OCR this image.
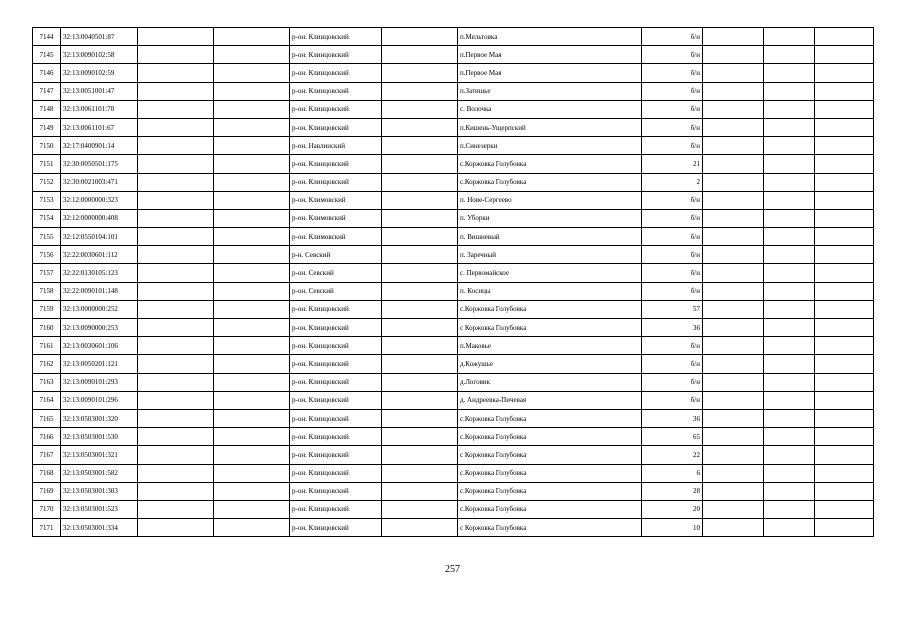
7144	32:13:0040501:87			р-он. Клинцовский		п.Мельтовка	б/н			
7145	32:13:0090102:58			р-он. Клинцовский		п.Первое Мая	б/н			
7146	32:13:0090102:59			р-он. Клинцовский		п.Первое Мая	б/н			
7147	32:13:0051001:47			р-он. Клинцовский		п.Затишье	б/н			
7148	32:13:0061101:70			р-он. Клинцовский		с. Волочка	б/н			
7149	32:13:0061101:67			р-он. Клинцовский		п.Кишень-Ущерпский	б/н			
7150	32:17:0400901:14			р-он. Навлинский		п.Синезерки	б/н			
7151	32:30:0050501:175			р-он. Клинцовский		с.Коржовка Голубовка	21			
7152	32:30:0021003:471			р-он. Клинцовский		с.Коржовка Голубовка	2			
7153	32:12:0000000:323			р-он. Климовский		п. Нове-Сергеево	б/н			
7154	32:12:0000000:408			р-он. Климовский		п. Уборки	б/н			
7155	32:12:0550104:101			р-он. Климовский		п. Вишневый	б/н			
7156	32:22:0030601:112			р-н. Севский		п. Заречный	б/н			
7157	32:22:0130105:123			р-он. Севский		с. Первомайское	б/н			
7158	32:22:0090101:148			р-он. Севский		п. Косицы	б/н			
7159	32:13:0000000:252			р-он. Клинцовский		с.Коржовка Голубовка	57			
7160	32:13:0090000:253			р-он. Клинцовский		с Коржовка Голубовка	36			
7161	32:13:0030601:106			р-он. Клинцовский		п.Маковье	б/н			
7162	32:13:0050201:121			р-он. Клинцовский		д.Кожушье	б/н			
7163	32:13:0090101:293			р-он. Клинцовский		д.Логовик	б/н			
7164	32:13:0090101:296			р-он. Клинцовский		д. Андреевка-Пичевая	б/н			
7165	32:13:0503001:320			р-он. Клинцовский		с.Коржовка Голубовка	36			
7166	32:13:0503001:530			р-он. Клинцовский		с.Коржовка Голубовка	65			
7167	32:13:0503001:321			р-он. Клинцовский		с Коржовка Голубовка	22			
7168	32:13:0503001:582			р-он. Клинцовский		с.Коржовка Голубовка	6			
7169	32:13:0503001:303			р-он. Клинцовский		с.Коржовка Голубовка	28			
7170	32:13:0503001:523			р-он. Клинцовский		с.Коржовка Голубовка	20			
7171	32:13:0503001:334			р-он. Клинцовский		с Коржовка Голубовка	10			
257
